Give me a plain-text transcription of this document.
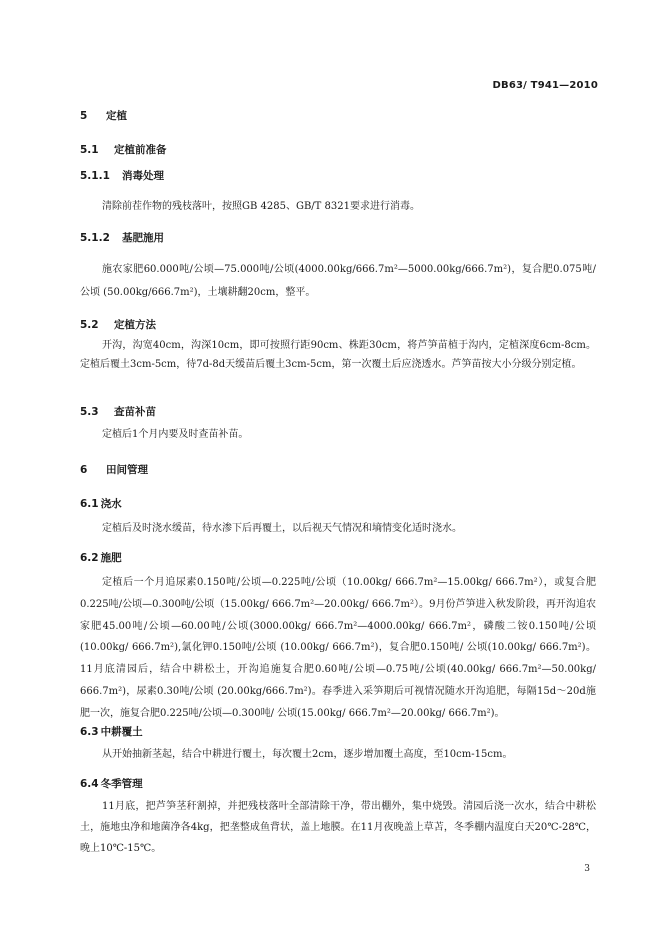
DB63/ T941—2010
5 定植
5.1 定植前准备
5.1.1 消毒处理
清除前茬作物的残枝落叶，按照GB 4285、GB/T 8321要求进行消毒。
5.1.2 基肥施用
施农家肥60.000吨/公顷—75.000吨/公顷(4000.00kg/666.7m²—5000.00kg/666.7m²)，复合肥0.075吨/公顷 (50.00kg/666.7m²)，土壤耕翻20cm，整平。
5.2 定植方法
开沟，沟宽40cm，沟深10cm，即可按照行距90cm、株距30cm，将芦笋苗植于沟内，定植深度6cm-8cm。定植后覆土3cm-5cm，待7d-8d天缓苗后覆土3cm-5cm，第一次覆土后应浇透水。芦笋苗按大小分级分别定植。
5.3 查苗补苗
定植后1个月内要及时查苗补苗。
6 田间管理
6.1 浇水
定植后及时浇水缓苗，待水渗下后再覆土，以后视天气情况和墒情变化适时浇水。
6.2 施肥
定植后一个月追尿素0.150吨/公顷—0.225吨/公顷（10.00kg/ 666.7m²—15.00kg/ 666.7m²），或复合肥0.225吨/公顷—0.300吨/公顷（15.00kg/ 666.7m²—20.00kg/ 666.7m²）。9月份芦笋进入秋发阶段，再开沟追农家肥45.00吨/公顷—60.00吨/公顷(3000.00kg/ 666.7m²—4000.00kg/ 666.7m²，磷酸二铵0.150吨/公顷 (10.00kg/ 666.7m²),氯化钾0.150吨/公顷 (10.00kg/ 666.7m²)，复合肥0.150吨/ 公顷(10.00kg/ 666.7m²)。11月底清园后，结合中耕松土，开沟追施复合肥0.60吨/公顷—0.75吨/公顷(40.00kg/ 666.7m²—50.00kg/ 666.7m²)，尿素0.30吨/公顷 (20.00kg/666.7m²)。春季进入采笋期后可视情况随水开沟追肥，每隔15d～20d施肥一次，施复合肥0.225吨/公顷—0.300吨/ 公顷(15.00kg/ 666.7m²—20.00kg/ 666.7m²)。
6.3 中耕覆土
从开始抽新茎起，结合中耕进行覆土，每次覆土2cm，逐步增加覆土高度，至10cm-15cm。
6.4 冬季管理
11月底，把芦笋茎秆割掉，并把残枝落叶全部清除干净，带出棚外，集中烧毁。清园后浇一次水，结合中耕松土，施地虫净和地菌净各4kg，把垄整成鱼背状，盖上地膜。在11月夜晚盖上草苫，冬季棚内温度白天20℃-28℃，晚上10℃-15℃。
3
